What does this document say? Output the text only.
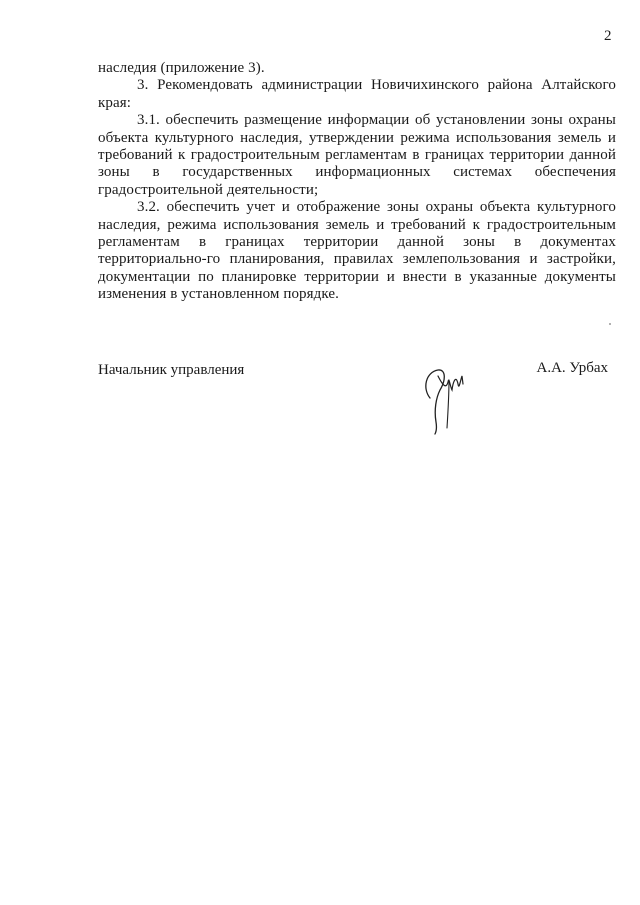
2

наследия (приложение 3).

3. Рекомендовать администрации Новичихинского района Алтайского края:

3.1. обеспечить размещение информации об установлении зоны охраны объекта культурного наследия, утверждении режима использования земель и требований к градостроительным регламентам в границах территории данной зоны в государственных информационных системах обеспечения градостроительной деятельности;

3.2. обеспечить учет и отображение зоны охраны объекта культурного наследия, режима использования земель и требований к градостроительным регламентам в границах территории данной зоны в документах территориально-го планирования, правилах землепользования и застройки, документации по планировке территории и внести в указанные документы изменения в установленном порядке.

Начальник управления	А.А. Урбах
